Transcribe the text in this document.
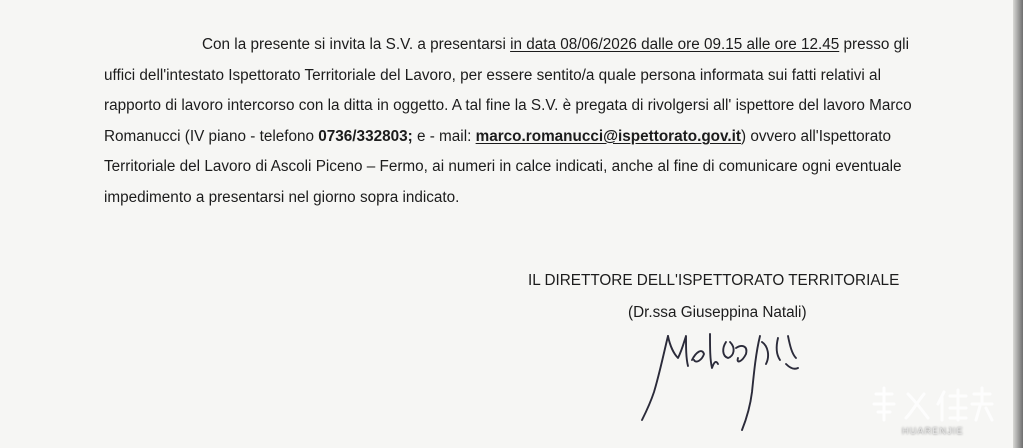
Con la presente si invita la S.V. a presentarsi in data 08/06/2026 dalle ore 09.15 alle ore 12.45 presso gli
uffici dell'intestato Ispettorato Territoriale del Lavoro, per essere sentito/a quale persona informata sui fatti relativi al
rapporto di lavoro intercorso con la ditta in oggetto. A tal fine la S.V. è pregata di rivolgersi all' ispettore del lavoro Marco
Romanucci (IV piano - telefono 0736/332803; e - mail: marco.romanucci@ispettorato.gov.it) ovvero all'Ispettorato
Territoriale del Lavoro di Ascoli Piceno – Fermo, ai numeri in calce indicati, anche al fine di comunicare ogni eventuale
impedimento a presentarsi nel giorno sopra indicato.

IL DIRETTORE DELL'ISPETTORATO TERRITORIALE
(Dr.ssa Giuseppina Natali)
HUARENJIE
